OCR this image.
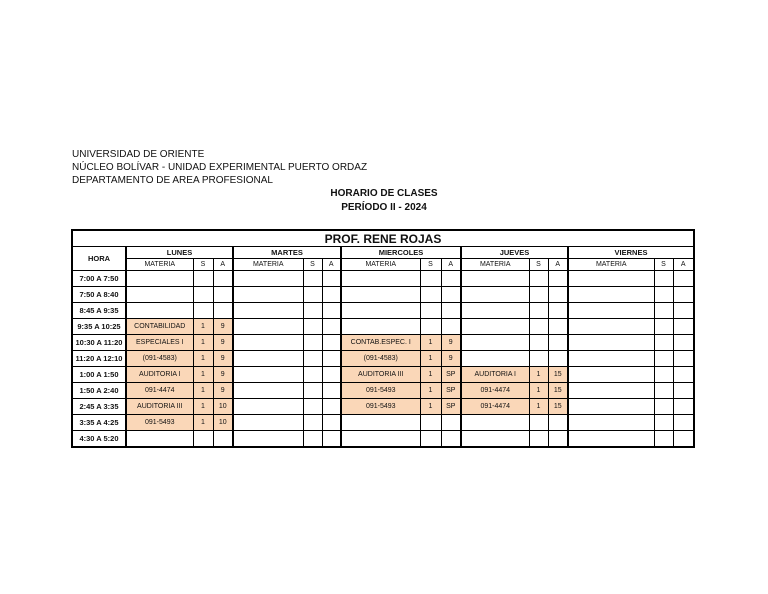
UNIVERSIDAD DE ORIENTE
NÚCLEO BOLÍVAR - UNIDAD EXPERIMENTAL PUERTO ORDAZ
DEPARTAMENTO DE AREA PROFESIONAL
HORARIO DE CLASES
PERÍODO II - 2024
PROF. RENE ROJAS															
HORA	LUNES			MARTES			MIERCOLES			JUEVES			VIERNES		
	MATERIA	S	A	MATERIA	S	A	MATERIA	S	A	MATERIA	S	A	MATERIA	S	A
7:00 A 7:50															
7:50 A 8:40															
8:45 A 9:35															
9:35 A 10:25	CONTABILIDAD	1	9												
10:30 A 11:20	ESPECIALES I	1	9				CONTAB.ESPEC. I	1	9						
11:20 A 12:10	(091-4583)	1	9				(091-4583)	1	9						
1:00 A 1:50	AUDITORIA I	1	9				AUDITORIA III	1	SP	AUDITORIA I	1	15			
1:50 A 2:40	091-4474	1	9				091-5493	1	SP	091-4474	1	15			
2:45 A 3:35	AUDITORIA III	1	10				091-5493	1	SP	091-4474	1	15			
3:35 A 4:25	091-5493	1	10												
4:30 A 5:20															
